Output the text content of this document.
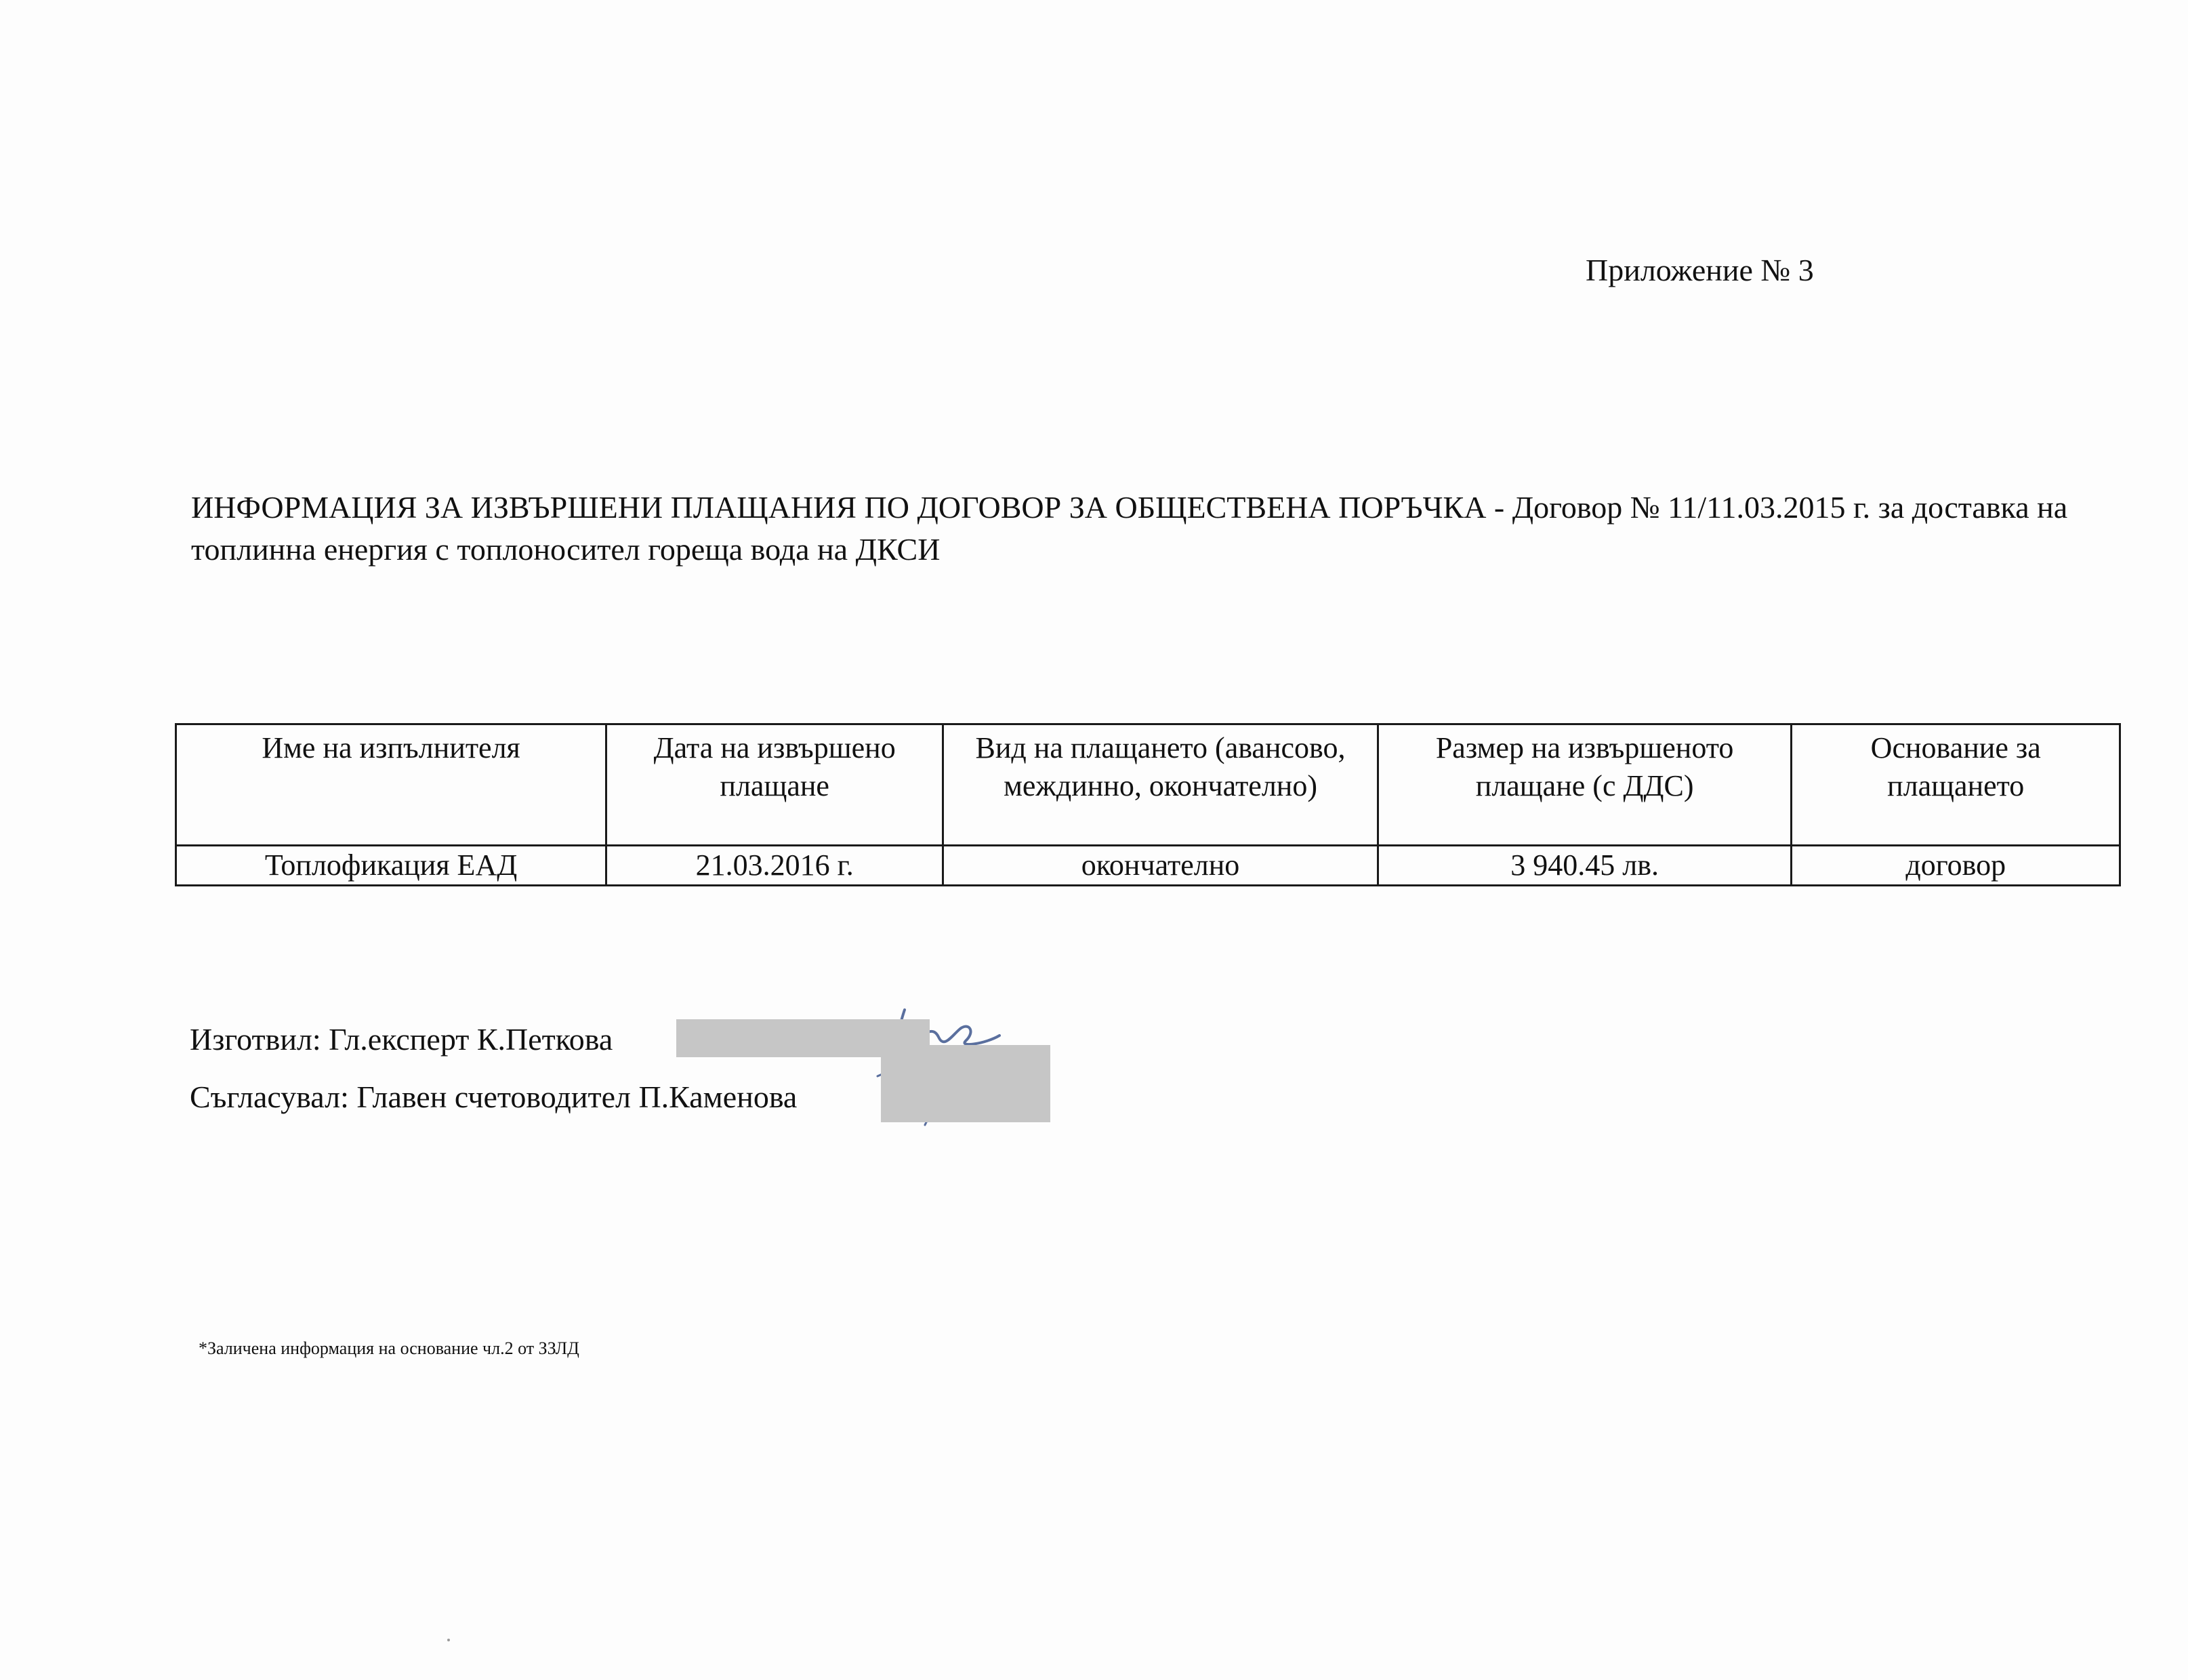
Приложение № 3
ИНФОРМАЦИЯ ЗА ИЗВЪРШЕНИ ПЛАЩАНИЯ ПО ДОГОВОР ЗА ОБЩЕСТВЕНА ПОРЪЧКА - Договор № 11/11.03.2015 г. за доставка на топлинна енергия с топлоносител гореща вода на ДКСИ
Име на изпълнителя	Дата на извършено плащане	Вид на плащането (авансово, междинно, окончателно)	Размер на извършеното плащане (с ДДС)	Основание за плащането
Топлофикация ЕАД	21.03.2016 г.	окончателно	3 940.45 лв.	договор
Изготвил: Гл.експерт К.Петкова
Съгласувал: Главен счетоводител П.Каменова
*Заличена информация на основание чл.2 от ЗЗЛД
